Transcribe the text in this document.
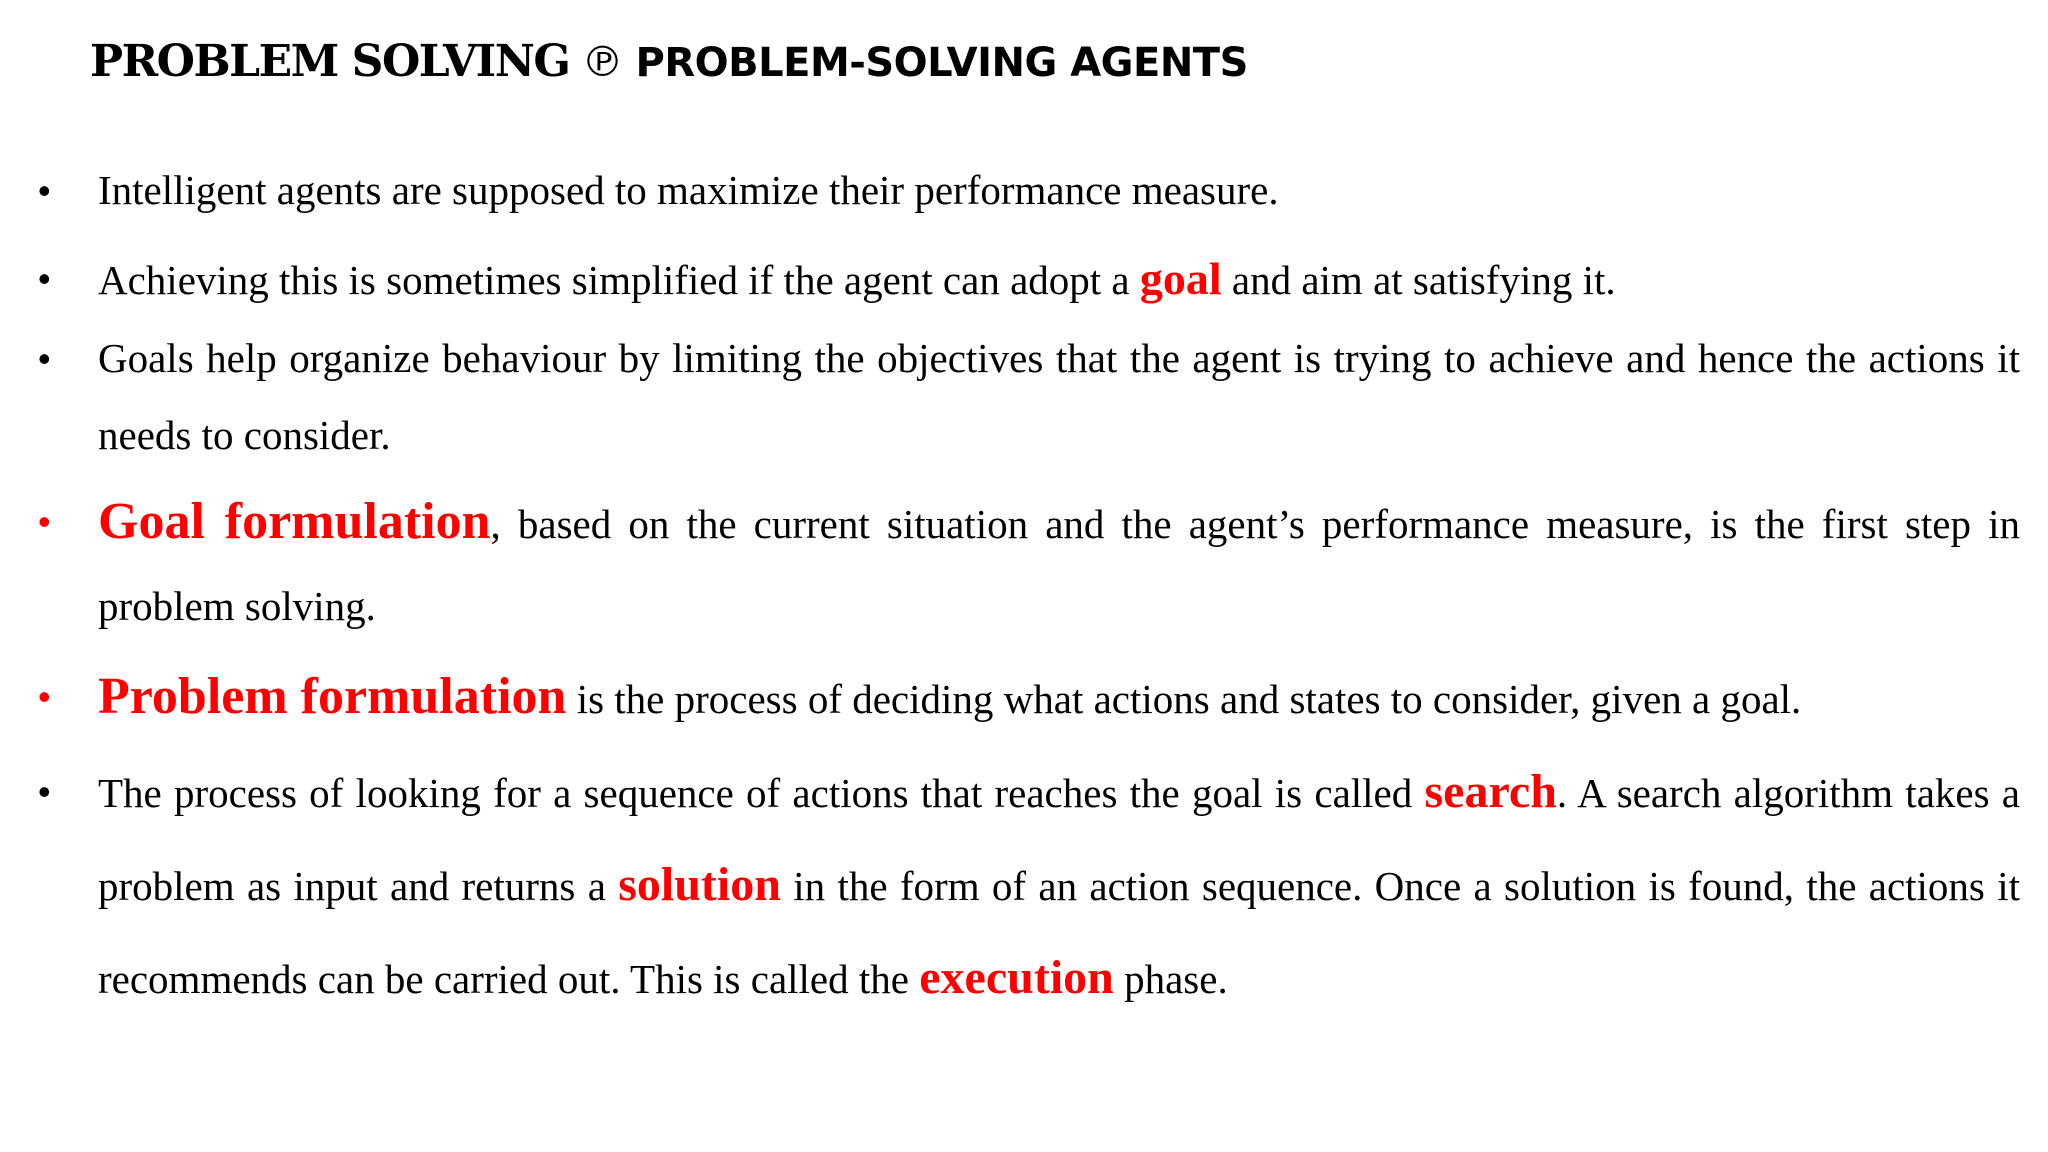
PROBLEM SOLVING ℗ PROBLEM-SOLVING AGENTS
• Intelligent agents are supposed to maximize their performance measure.
• Achieving this is sometimes simplified if the agent can adopt a goal and aim at satisfying it.
• Goals help organize behaviour by limiting the objectives that the agent is trying to achieve and hence the actions it needs to consider.
• Goal formulation, based on the current situation and the agent’s performance measure, is the first step in problem solving.
• Problem formulation is the process of deciding what actions and states to consider, given a goal.
• The process of looking for a sequence of actions that reaches the goal is called search. A search algorithm takes a problem as input and returns a solution in the form of an action sequence. Once a solution is found, the actions it recommends can be carried out. This is called the execution phase.
